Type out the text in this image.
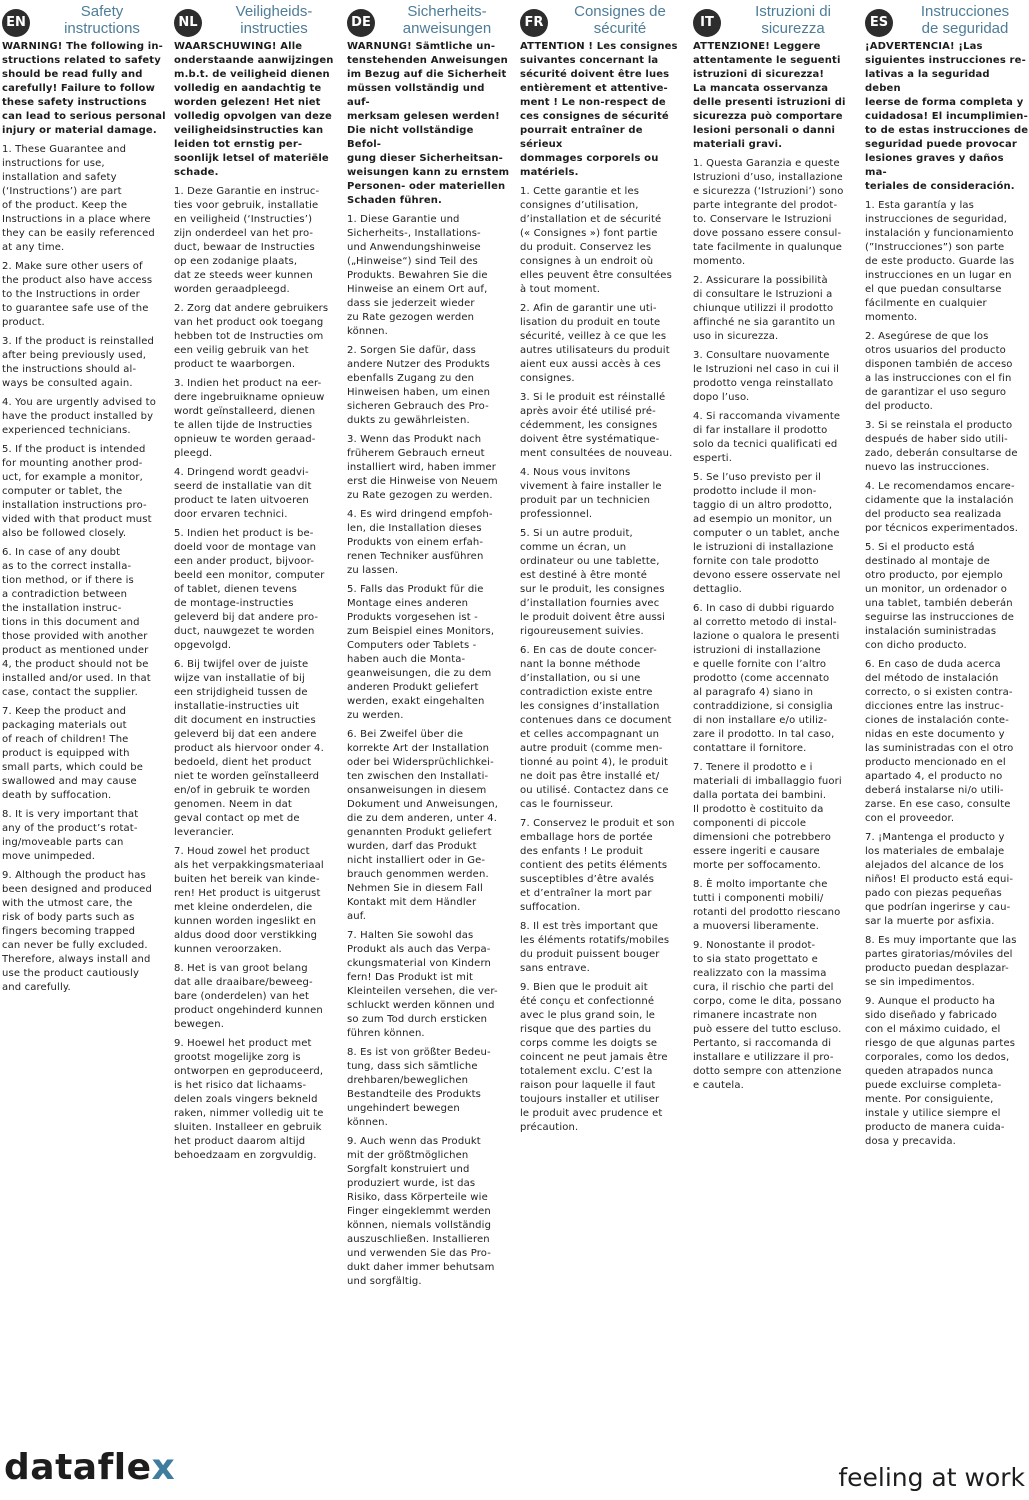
EN
Safety
instructions

WARNING! The following in-
structions related to safety
should be read fully and
carefully! Failure to follow
these safety instructions
can lead to serious personal
injury or material damage.

1. These Guarantee and
instructions for use,
installation and safety
(‘Instructions’) are part
of the product. Keep the
Instructions in a place where
they can be easily referenced
at any time.

2. Make sure other users of
the product also have access
to the Instructions in order
to guarantee safe use of the
product.

3. If the product is reinstalled
after being previously used,
the instructions should al-
ways be consulted again.

4. You are urgently advised to
have the product installed by
experienced technicians.

5. If the product is intended
for mounting another prod-
uct, for example a monitor,
computer or tablet, the
installation instructions pro-
vided with that product must
also be followed closely.

6. In case of any doubt
as to the correct installa-
tion method, or if there is
a contradiction between
the installation instruc-
tions in this document and
those provided with another
product as mentioned under
4, the product should not be
installed and/or used. In that
case, contact the supplier.

7. Keep the product and
packaging materials out
of reach of children! The
product is equipped with
small parts, which could be
swallowed and may cause
death by suffocation.

8. It is very important that
any of the product’s rotat-
ing/moveable parts can
move unimpeded.

9. Although the product has
been designed and produced
with the utmost care, the
risk of body parts such as
fingers becoming trapped
can never be fully excluded.
Therefore, always install and
use the product cautiously
and carefully.

NL
Veiligheids-
instructies

WAARSCHUWING! Alle
onderstaande aanwijzingen
m.b.t. de veiligheid dienen
volledig en aandachtig te
worden gelezen! Het niet
volledig opvolgen van deze
veiligheidsinstructies kan
leiden tot ernstig per-
soonlijk letsel of materiële
schade.

1. Deze Garantie en instruc-
ties voor gebruik, installatie
en veiligheid (‘Instructies’)
zijn onderdeel van het pro-
duct, bewaar de Instructies
op een zodanige plaats,
dat ze steeds weer kunnen
worden geraadpleegd.

2. Zorg dat andere gebruikers
van het product ook toegang
hebben tot de Instructies om
een veilig gebruik van het
product te waarborgen.

3. Indien het product na eer-
dere ingebruikname opnieuw
wordt geïnstalleerd, dienen
te allen tijde de Instructies
opnieuw te worden geraad-
pleegd.

4. Dringend wordt geadvi-
seerd de installatie van dit
product te laten uitvoeren
door ervaren technici.

5. Indien het product is be-
doeld voor de montage van
een ander product, bijvoor-
beeld een monitor, computer
of tablet, dienen tevens
de montage-instructies
geleverd bij dat andere pro-
duct, nauwgezet te worden
opgevolgd.

6. Bij twijfel over de juiste
wijze van installatie of bij
een strijdigheid tussen de
installatie-instructies uit
dit document en instructies
geleverd bij dat een andere
product als hiervoor onder 4.
bedoeld, dient het product
niet te worden geïnstalleerd
en/of in gebruik te worden
genomen. Neem in dat
geval contact op met de
leverancier.

7. Houd zowel het product
als het verpakkingsmateriaal
buiten het bereik van kinde-
ren! Het product is uitgerust
met kleine onderdelen, die
kunnen worden ingeslikt en
aldus dood door verstikking
kunnen veroorzaken.

8. Het is van groot belang
dat alle draaibare/beweeg-
bare (onderdelen) van het
product ongehinderd kunnen
bewegen.

9. Hoewel het product met
grootst mogelijke zorg is
ontworpen en geproduceerd,
is het risico dat lichaams-
delen zoals vingers bekneld
raken, nimmer volledig uit te
sluiten. Installeer en gebruik
het product daarom altijd
behoedzaam en zorgvuldig.

DE
Sicherheits-
anweisungen

WARNUNG! Sämtliche un-
tenstehenden Anweisungen
im Bezug auf die Sicherheit
müssen vollständig und auf-
merksam gelesen werden!
Die nicht vollständige Befol-
gung dieser Sicherheitsan-
weisungen kann zu ernstem
Personen- oder materiellen
Schaden führen.

1. Diese Garantie und
Sicherheits-, Installations-
und Anwendungshinweise
(„Hinweise“) sind Teil des
Produkts. Bewahren Sie die
Hinweise an einem Ort auf,
dass sie jederzeit wieder
zu Rate gezogen werden
können.

2. Sorgen Sie dafür, dass
andere Nutzer des Produkts
ebenfalls Zugang zu den
Hinweisen haben, um einen
sicheren Gebrauch des Pro-
dukts zu gewährleisten.

3. Wenn das Produkt nach
früherem Gebrauch erneut
installiert wird, haben immer
erst die Hinweise von Neuem
zu Rate gezogen zu werden.

4. Es wird dringend empfoh-
len, die Installation dieses
Produkts von einem erfah-
renen Techniker ausführen
zu lassen.

5. Falls das Produkt für die
Montage eines anderen
Produkts vorgesehen ist -
zum Beispiel eines Monitors,
Computers oder Tablets -
haben auch die Monta-
geanweisungen, die zu dem
anderen Produkt geliefert
werden, exakt eingehalten
zu werden.

6. Bei Zweifel über die
korrekte Art der Installation
oder bei Widersprüchlichkei-
ten zwischen den Installati-
onsanweisungen in diesem
Dokument und Anweisungen,
die zu dem anderen, unter 4.
genannten Produkt geliefert
wurden, darf das Produkt
nicht installiert oder in Ge-
brauch genommen werden.
Nehmen Sie in diesem Fall
Kontakt mit dem Händler
auf.

7. Halten Sie sowohl das
Produkt als auch das Verpa-
ckungsmaterial von Kindern
fern! Das Produkt ist mit
Kleinteilen versehen, die ver-
schluckt werden können und
so zum Tod durch ersticken
führen können.

8. Es ist von größter Bedeu-
tung, dass sich sämtliche
drehbaren/beweglichen
Bestandteile des Produkts
ungehindert bewegen
können.

9. Auch wenn das Produkt
mit der größtmöglichen
Sorgfalt konstruiert und
produziert wurde, ist das
Risiko, dass Körperteile wie
Finger eingeklemmt werden
können, niemals vollständig
auszuschließen. Installieren
und verwenden Sie das Pro-
dukt daher immer behutsam
und sorgfältig.

FR
Consignes de
sécurité

ATTENTION ! Les consignes
suivantes concernant la
sécurité doivent être lues
entièrement et attentive-
ment ! Le non-respect de
ces consignes de sécurité
pourrait entraîner de sérieux
dommages corporels ou
matériels.

1. Cette garantie et les
consignes d’utilisation,
d’installation et de sécurité
(« Consignes ») font partie
du produit. Conservez les
consignes à un endroit où
elles peuvent être consultées
à tout moment.

2. Afin de garantir une uti-
lisation du produit en toute
sécurité, veillez à ce que les
autres utilisateurs du produit
aient eux aussi accès à ces
consignes.

3. Si le produit est réinstallé
après avoir été utilisé pré-
cédemment, les consignes
doivent être systématique-
ment consultées de nouveau.

4. Nous vous invitons
vivement à faire installer le
produit par un technicien
professionnel.

5. Si un autre produit,
comme un écran, un
ordinateur ou une tablette,
est destiné à être monté
sur le produit, les consignes
d’installation fournies avec
le produit doivent être aussi
rigoureusement suivies.

6. En cas de doute concer-
nant la bonne méthode
d’installation, ou si une
contradiction existe entre
les consignes d’installation
contenues dans ce document
et celles accompagnant un
autre produit (comme men-
tionné au point 4), le produit
ne doit pas être installé et/
ou utilisé. Contactez dans ce
cas le fournisseur.

7. Conservez le produit et son
emballage hors de portée
des enfants ! Le produit
contient des petits éléments
susceptibles d’être avalés
et d’entraîner la mort par
suffocation.

8. Il est très important que
les éléments rotatifs/mobiles
du produit puissent bouger
sans entrave.

9. Bien que le produit ait
été conçu et confectionné
avec le plus grand soin, le
risque que des parties du
corps comme les doigts se
coincent ne peut jamais être
totalement exclu. C’est la
raison pour laquelle il faut
toujours installer et utiliser
le produit avec prudence et
précaution.

IT
Istruzioni di
sicurezza

ATTENZIONE! Leggere
attentamente le seguenti
istruzioni di sicurezza!
La mancata osservanza
delle presenti istruzioni di
sicurezza può comportare
lesioni personali o danni
materiali gravi.

1. Questa Garanzia e queste
Istruzioni d’uso, installazione
e sicurezza (‘Istruzioni’) sono
parte integrante del prodot-
to. Conservare le Istruzioni
dove possano essere consul-
tate facilmente in qualunque
momento.

2. Assicurare la possibilità
di consultare le Istruzioni a
chiunque utilizzi il prodotto
affinché ne sia garantito un
uso in sicurezza.

3. Consultare nuovamente
le Istruzioni nel caso in cui il
prodotto venga reinstallato
dopo l’uso.

4. Si raccomanda vivamente
di far installare il prodotto
solo da tecnici qualificati ed
esperti.

5. Se l’uso previsto per il
prodotto include il mon-
taggio di un altro prodotto,
ad esempio un monitor, un
computer o un tablet, anche
le istruzioni di installazione
fornite con tale prodotto
devono essere osservate nel
dettaglio.

6. In caso di dubbi riguardo
al corretto metodo di instal-
lazione o qualora le presenti
istruzioni di installazione
e quelle fornite con l’altro
prodotto (come accennato
al paragrafo 4) siano in
contraddizione, si consiglia
di non installare e/o utiliz-
zare il prodotto. In tal caso,
contattare il fornitore.

7. Tenere il prodotto e i
materiali di imballaggio fuori
dalla portata dei bambini.
Il prodotto è costituito da
componenti di piccole
dimensioni che potrebbero
essere ingeriti e causare
morte per soffocamento.

8. È molto importante che
tutti i componenti mobili/
rotanti del prodotto riescano
a muoversi liberamente.

9. Nonostante il prodot-
to sia stato progettato e
realizzato con la massima
cura, il rischio che parti del
corpo, come le dita, possano
rimanere incastrate non
può essere del tutto escluso.
Pertanto, si raccomanda di
installare e utilizzare il pro-
dotto sempre con attenzione
e cautela.

ES
Instrucciones
de seguridad

¡ADVERTENCIA! ¡Las
siguientes instrucciones re-
lativas a la seguridad deben
leerse de forma completa y
cuidadosa! El incumplimien-
to de estas instrucciones de
seguridad puede provocar
lesiones graves y daños ma-
teriales de consideración.

1. Esta garantía y las
instrucciones de seguridad,
instalación y funcionamiento
(”Instrucciones”) son parte
de este producto. Guarde las
instrucciones en un lugar en
el que puedan consultarse
fácilmente en cualquier
momento.

2. Asegúrese de que los
otros usuarios del producto
disponen también de acceso
a las instrucciones con el fin
de garantizar el uso seguro
del producto.

3. Si se reinstala el producto
después de haber sido utili-
zado, deberán consultarse de
nuevo las instrucciones.

4. Le recomendamos encare-
cidamente que la instalación
del producto sea realizada
por técnicos experimentados.

5. Si el producto está
destinado al montaje de
otro producto, por ejemplo
un monitor, un ordenador o
una tablet, también deberán
seguirse las instrucciones de
instalación suministradas
con dicho producto.

6. En caso de duda acerca
del método de instalación
correcto, o si existen contra-
dicciones entre las instruc-
ciones de instalación conte-
nidas en este documento y
las suministradas con el otro
producto mencionado en el
apartado 4, el producto no
deberá instalarse ni/o utili-
zarse. En ese caso, consulte
con el proveedor.

7. ¡Mantenga el producto y
los materiales de embalaje
alejados del alcance de los
niños! El producto está equi-
pado con piezas pequeñas
que podrían ingerirse y cau-
sar la muerte por asfixia.

8. Es muy importante que las
partes giratorias/móviles del
producto puedan desplazar-
se sin impedimentos.

9. Aunque el producto ha
sido diseñado y fabricado
con el máximo cuidado, el
riesgo de que algunas partes
corporales, como los dedos,
queden atrapados nunca
puede excluirse completa-
mente. Por consiguiente,
instale y utilice siempre el
producto de manera cuida-
dosa y precavida.

dataflex	feeling at work
